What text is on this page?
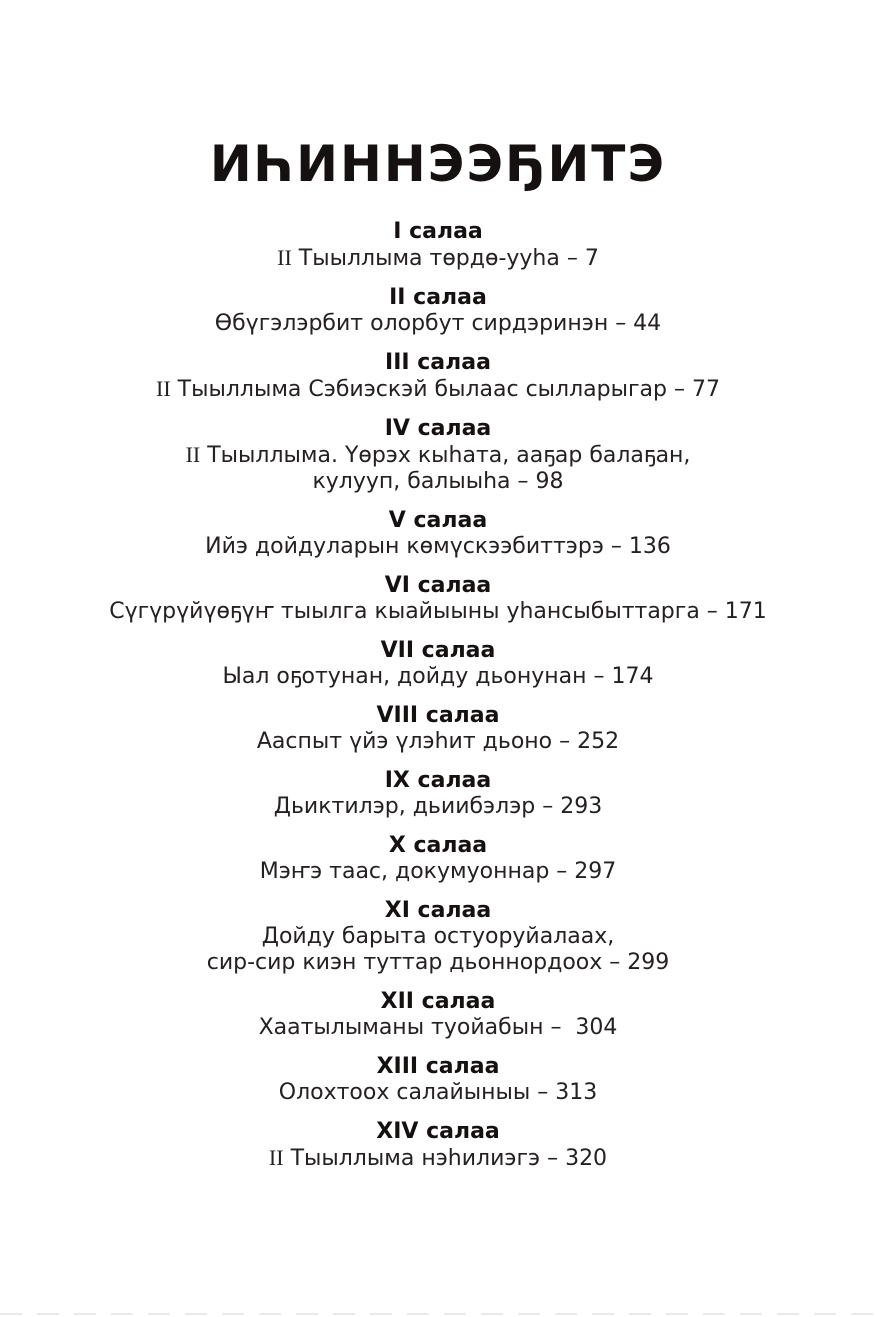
ИҺИННЭЭҔИТЭ
I салаа
II Тыыллыма төрдө-ууһа – 7
II салаа
Өбүгэлэрбит олорбут сирдэринэн – 44
III салаа
II Тыыллыма Сэбиэскэй былаас сылларыгар – 77
IV салаа
II Тыыллыма. Үөрэх кыһата, ааҕар балаҕан,
кулууп, балыыһа – 98
V салаа
Ийэ дойдуларын көмүскээбиттэрэ – 136
VI салаа
Сүгүрүйүөҕүҥ тыылга кыайыыны уһансыбыттарга – 171
VII салаа
Ыал оҕотунан, дойду дьонунан – 174
VIII салаа
Ааспыт үйэ үлэһит дьоно – 252
IX салаа
Дьиктилэр, дьиибэлэр – 293
X салаа
Мэҥэ таас, докумуоннар – 297
XI салаа
Дойду барыта остуоруйалаах,
сир-сир киэн туттар дьоннордоох – 299
XII салаа
Хаатылыманы туойабын –  304
XIII салаа
Олохтоох салайыныы – 313
XIV салаа
II Тыыллыма нэһилиэгэ – 320
